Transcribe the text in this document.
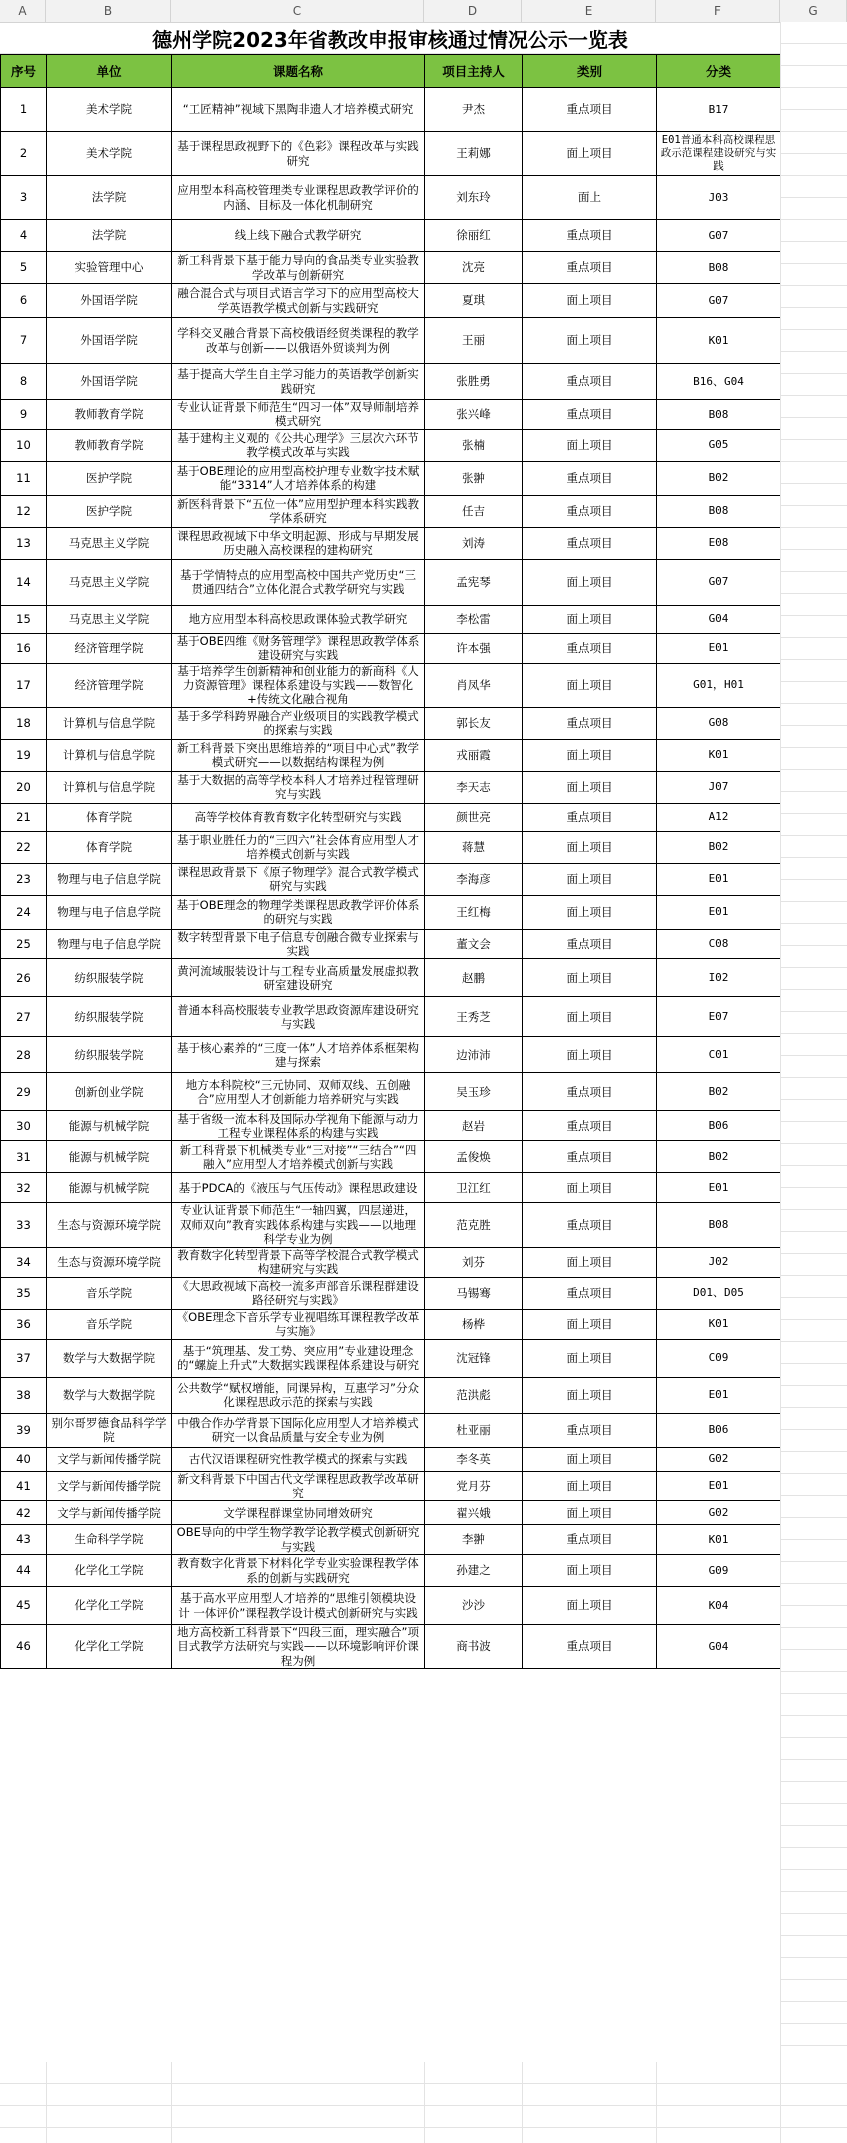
A	B	C	D	E	F	G
德州学院2023年省教改申报审核通过情况公示一览表
序号	单位	课题名称	项目主持人	类别	分类
1	美术学院	“工匠精神”视域下黑陶非遗人才培养模式研究	尹杰	重点项目	B17
2	美术学院	基于课程思政视野下的《色彩》课程改革与实践研究	王莉娜	面上项目	E01普通本科高校课程思政示范课程建设研究与实践
3	法学院	应用型本科高校管理类专业课程思政教学评价的内涵、目标及一体化机制研究	刘东玲	面上	J03
4	法学院	线上线下融合式教学研究	徐丽红	重点项目	G07
5	实验管理中心	新工科背景下基于能力导向的食品类专业实验教学改革与创新研究	沈亮	重点项目	B08
6	外国语学院	融合混合式与项目式语言学习下的应用型高校大学英语教学模式创新与实践研究	夏琪	面上项目	G07
7	外国语学院	学科交叉融合背景下高校俄语经贸类课程的教学改革与创新——以俄语外贸谈判为例	王丽	面上项目	K01
8	外国语学院	基于提高大学生自主学习能力的英语教学创新实践研究	张胜勇	重点项目	B16、G04
9	教师教育学院	专业认证背景下师范生“四习一体”双导师制培养模式研究	张兴峰	重点项目	B08
10	教师教育学院	基于建构主义观的《公共心理学》三层次六环节教学模式改革与实践	张楠	面上项目	G05
11	医护学院	基于OBE理论的应用型高校护理专业数字技术赋能“3314”人才培养体系的构建	张翀	重点项目	B02
12	医护学院	新医科背景下“五位一体”应用型护理本科实践教学体系研究	任吉	重点项目	B08
13	马克思主义学院	课程思政视域下中华文明起源、形成与早期发展历史融入高校课程的建构研究	刘涛	重点项目	E08
14	马克思主义学院	基于学情特点的应用型高校中国共产党历史“三贯通四结合”立体化混合式教学研究与实践	孟宪琴	面上项目	G07
15	马克思主义学院	地方应用型本科高校思政课体验式教学研究	李松雷	面上项目	G04
16	经济管理学院	基于OBE四维《财务管理学》课程思政教学体系建设研究与实践	许本强	重点项目	E01
17	经济管理学院	基于培养学生创新精神和创业能力的新商科《人力资源管理》课程体系建设与实践——数智化+传统文化融合视角	肖凤华	面上项目	G01，H01
18	计算机与信息学院	基于多学科跨界融合产业级项目的实践教学模式的探索与实践	郭长友	重点项目	G08
19	计算机与信息学院	新工科背景下突出思维培养的“项目中心式”教学模式研究——以数据结构课程为例	戎丽霞	面上项目	K01
20	计算机与信息学院	基于大数据的高等学校本科人才培养过程管理研究与实践	李天志	面上项目	J07
21	体育学院	高等学校体育教育数字化转型研究与实践	颜世亮	重点项目	A12
22	体育学院	基于职业胜任力的“三四六”社会体育应用型人才培养模式创新与实践	蒋慧	面上项目	B02
23	物理与电子信息学院	课程思政背景下《原子物理学》混合式教学模式研究与实践	李海彦	面上项目	E01
24	物理与电子信息学院	基于OBE理念的物理学类课程思政教学评价体系的研究与实践	王红梅	面上项目	E01
25	物理与电子信息学院	数字转型背景下电子信息专创融合微专业探索与实践	董文会	重点项目	C08
26	纺织服装学院	黄河流域服装设计与工程专业高质量发展虚拟教研室建设研究	赵鹏	面上项目	I02
27	纺织服装学院	普通本科高校服装专业教学思政资源库建设研究与实践	王秀芝	面上项目	E07
28	纺织服装学院	基于核心素养的“三度一体”人才培养体系框架构建与探索	边沛沛	面上项目	C01
29	创新创业学院	地方本科院校“三元协同、双师双线、五创融合”应用型人才创新能力培养研究与实践	吴玉珍	重点项目	B02
30	能源与机械学院	基于省级一流本科及国际办学视角下能源与动力工程专业课程体系的构建与实践	赵岩	重点项目	B06
31	能源与机械学院	新工科背景下机械类专业“三对接”“三结合”“四融入”应用型人才培养模式创新与实践	孟俊焕	重点项目	B02
32	能源与机械学院	基于PDCA的《液压与气压传动》课程思政建设	卫江红	面上项目	E01
33	生态与资源环境学院	专业认证背景下师范生“一轴四翼，四层递进，双师双向”教育实践体系构建与实践——以地理科学专业为例	范克胜	重点项目	B08
34	生态与资源环境学院	教育数字化转型背景下高等学校混合式教学模式构建研究与实践	刘芬	面上项目	J02
35	音乐学院	《大思政视域下高校一流多声部音乐课程群建设路径研究与实践》	马锡骞	重点项目	D01、D05
36	音乐学院	《OBE理念下音乐学专业视唱练耳课程教学改革与实施》	杨桦	面上项目	K01
37	数学与大数据学院	基于“筑理基、发工势、突应用”专业建设理念的“螺旋上升式”大数据实践课程体系建设与研究	沈冠锋	面上项目	C09
38	数学与大数据学院	公共数学“赋权增能，同课异构，互惠学习”分众化课程思政示范的探索与实践	范洪彪	面上项目	E01
39	别尔哥罗德食品科学学院	中俄合作办学背景下国际化应用型人才培养模式研究一以食品质量与安全专业为例	杜亚丽	重点项目	B06
40	文学与新闻传播学院	古代汉语课程研究性教学模式的探索与实践	李冬英	面上项目	G02
41	文学与新闻传播学院	新文科背景下中国古代文学课程思政教学改革研究	党月芬	面上项目	E01
42	文学与新闻传播学院	文学课程群课堂协同增效研究	翟兴娥	面上项目	G02
43	生命科学学院	OBE导向的中学生物学教学论教学模式创新研究与实践	李翀	重点项目	K01
44	化学化工学院	教育数字化背景下材料化学专业实验课程教学体系的创新与实践研究	孙建之	面上项目	G09
45	化学化工学院	基于高水平应用型人才培养的“思维引领模块设计 一体评价”课程教学设计模式创新研究与实践	沙沙	面上项目	K04
46	化学化工学院	地方高校新工科背景下“四段三面，理实融合”项目式教学方法研究与实践——以环境影响评价课程为例	商书波	重点项目	G04
